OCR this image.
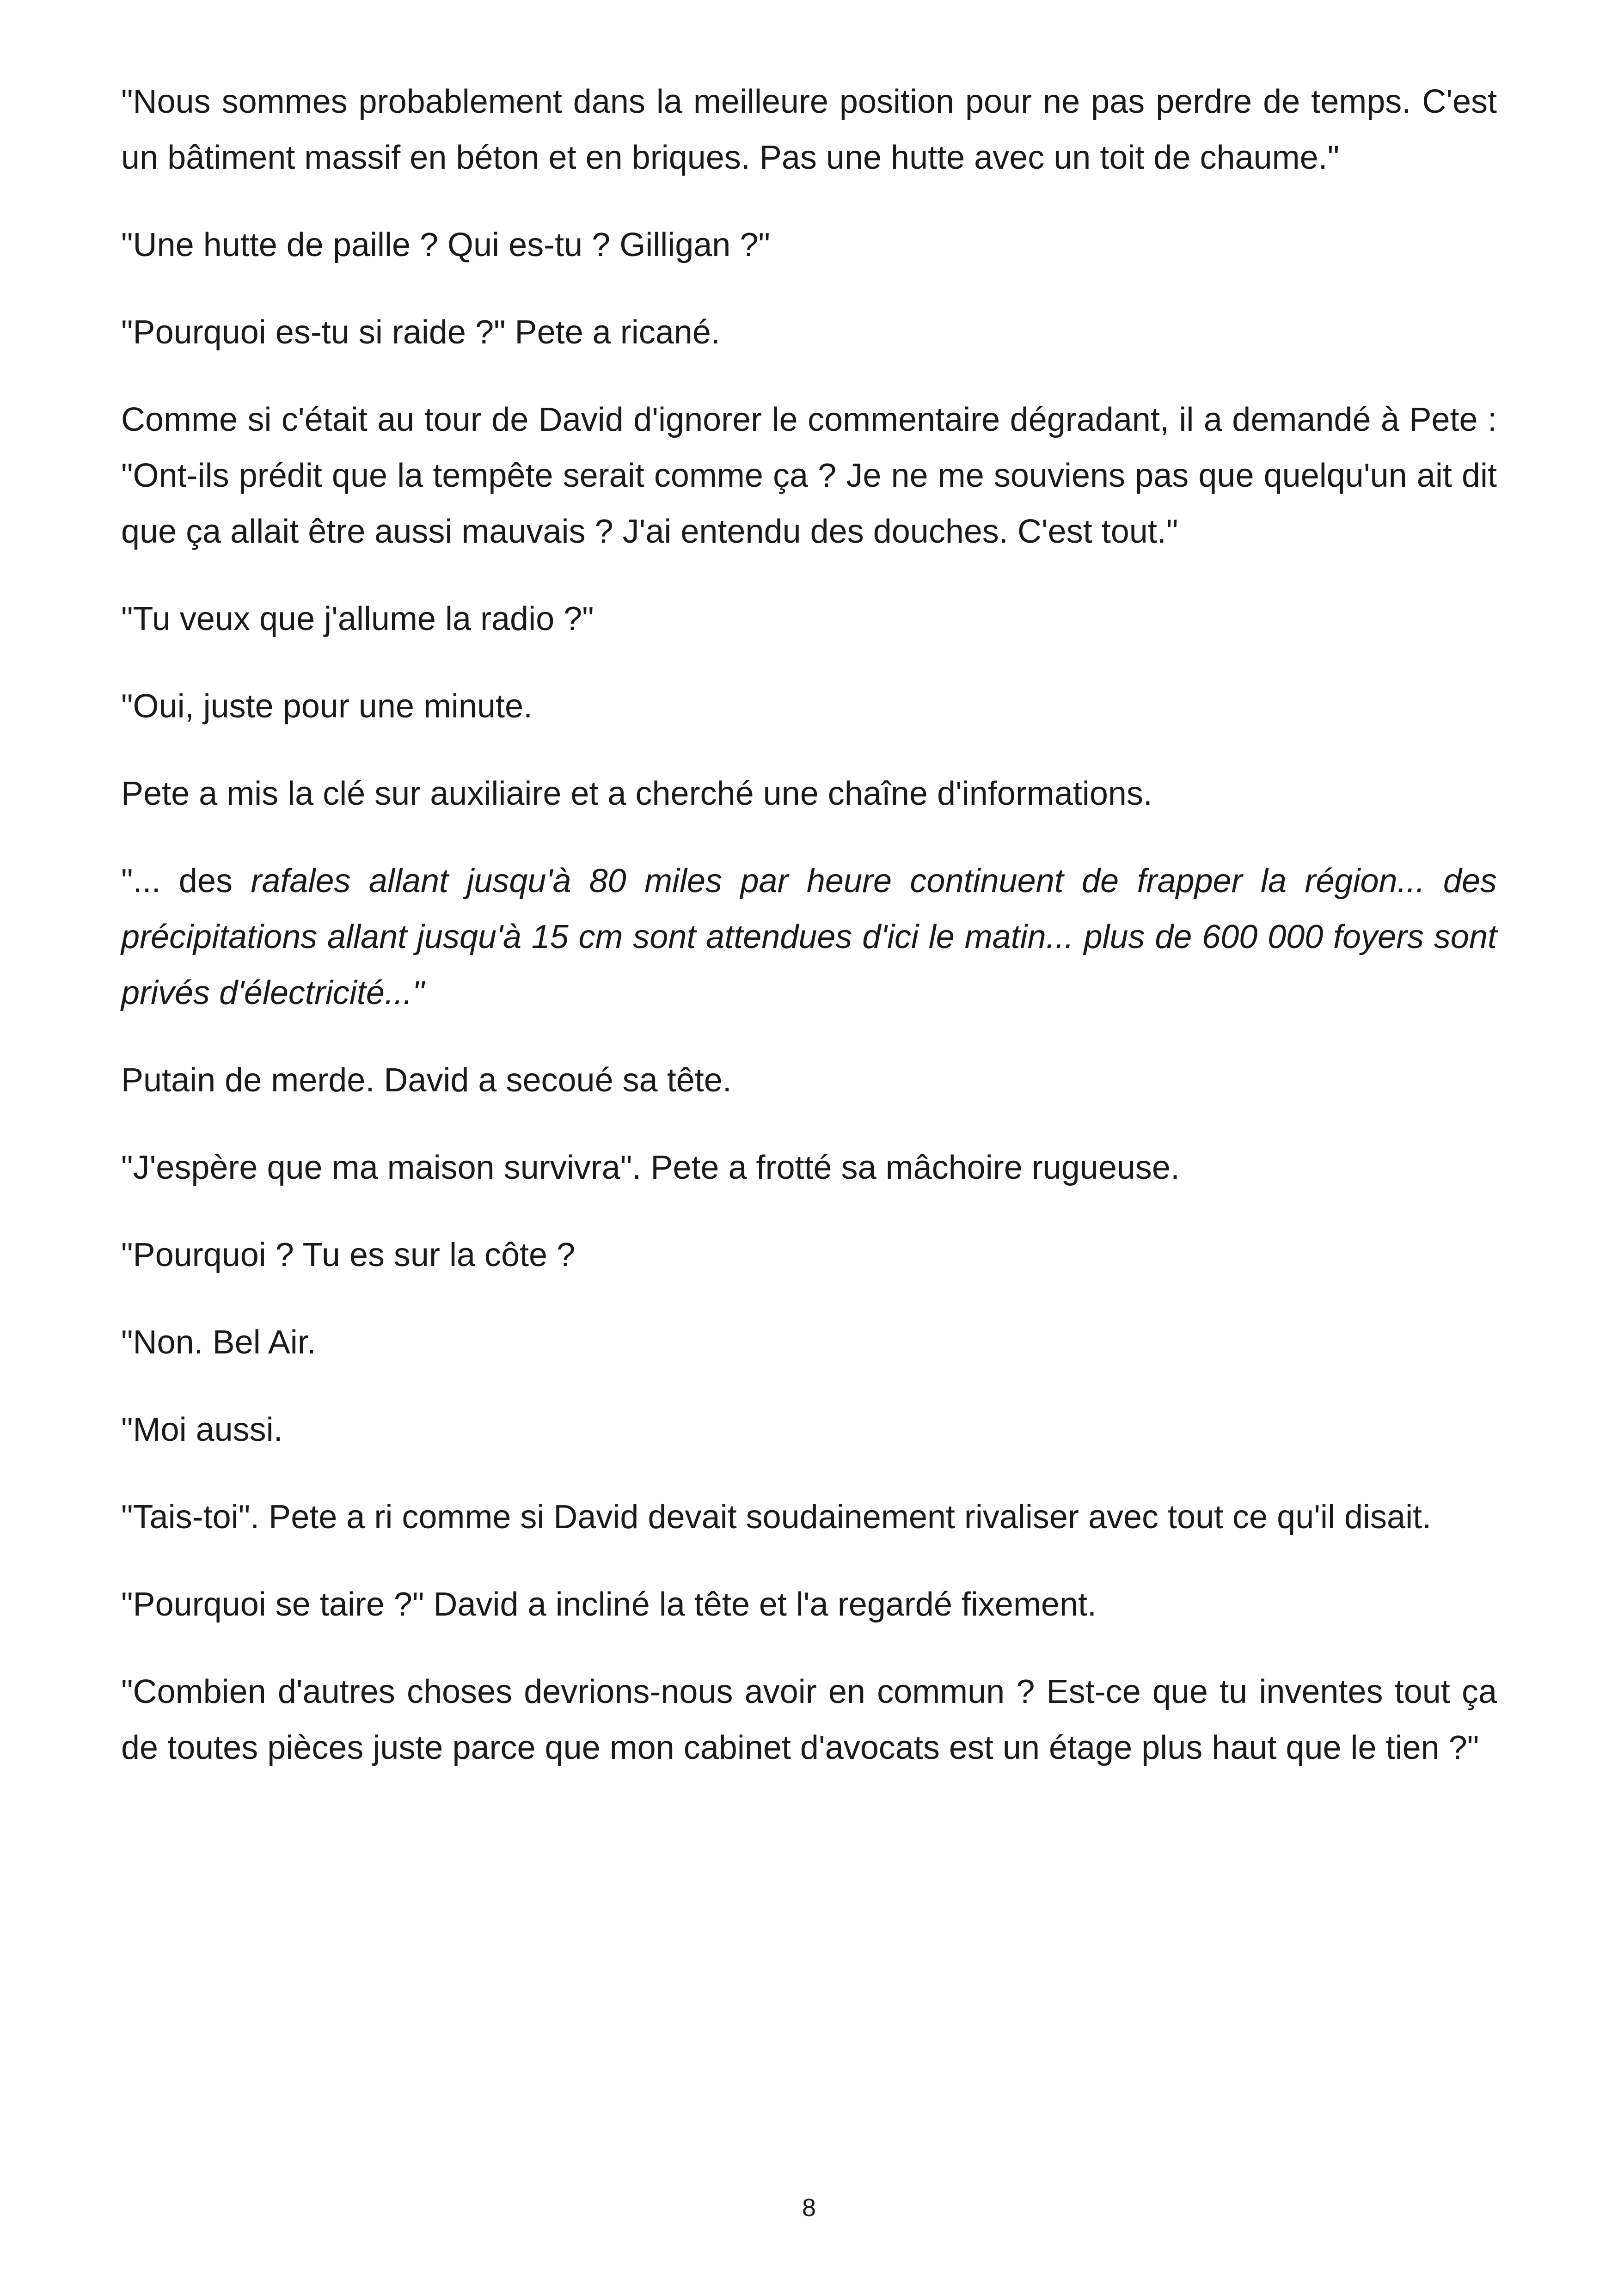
"Nous sommes probablement dans la meilleure position pour ne pas perdre de temps. C'est un bâtiment massif en béton et en briques. Pas une hutte avec un toit de chaume."

"Une hutte de paille ? Qui es-tu ? Gilligan ?"

"Pourquoi es-tu si raide ?" Pete a ricané.

Comme si c'était au tour de David d'ignorer le commentaire dégradant, il a demandé à Pete : "Ont-ils prédit que la tempête serait comme ça ? Je ne me souviens pas que quelqu'un ait dit que ça allait être aussi mauvais ? J'ai entendu des douches. C'est tout."

"Tu veux que j'allume la radio ?"

"Oui, juste pour une minute.

Pete a mis la clé sur auxiliaire et a cherché une chaîne d'informations.

"... des rafales allant jusqu'à 80 miles par heure continuent de frapper la région... des précipitations allant jusqu'à 15 cm sont attendues d'ici le matin... plus de 600 000 foyers sont privés d'électricité..."

Putain de merde. David a secoué sa tête.

"J'espère que ma maison survivra". Pete a frotté sa mâchoire rugueuse.

"Pourquoi ? Tu es sur la côte ?

"Non. Bel Air.

"Moi aussi.

"Tais-toi". Pete a ri comme si David devait soudainement rivaliser avec tout ce qu'il disait.

"Pourquoi se taire ?" David a incliné la tête et l'a regardé fixement.

"Combien d'autres choses devrions-nous avoir en commun ? Est-ce que tu inventes tout ça de toutes pièces juste parce que mon cabinet d'avocats est un étage plus haut que le tien ?"

8
